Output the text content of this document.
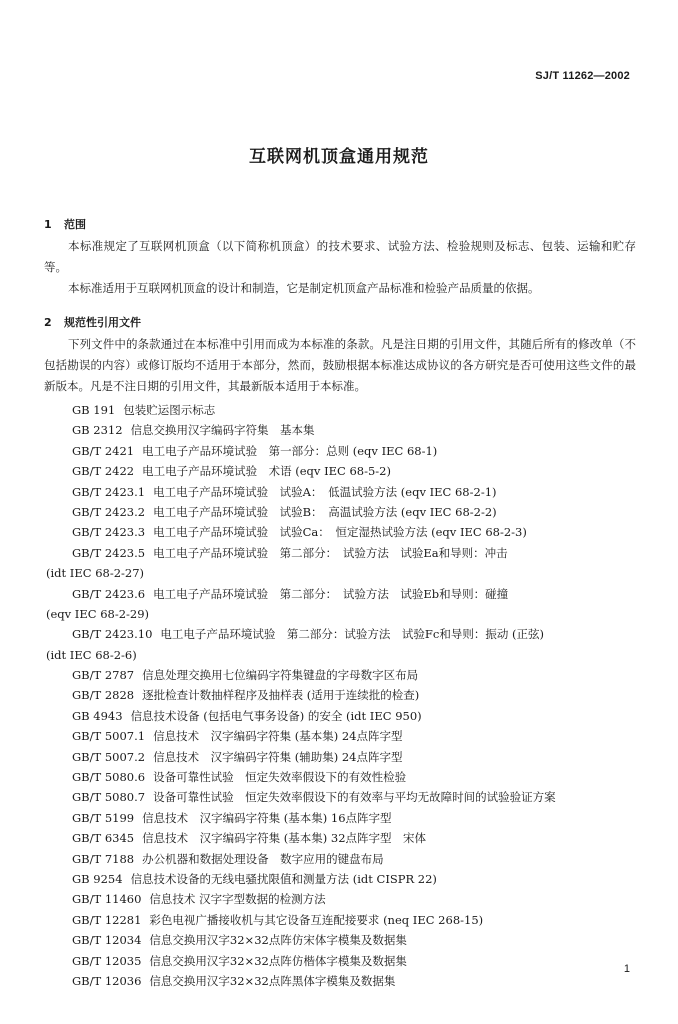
SJ/T 11262—2002
互联网机顶盒通用规范
1 范围
本标准规定了互联网机顶盒（以下简称机顶盒）的技术要求、试验方法、检验规则及标志、包装、运输和贮存等。
本标准适用于互联网机顶盒的设计和制造，它是制定机顶盒产品标准和检验产品质量的依据。
2 规范性引用文件
下列文件中的条款通过在本标准中引用而成为本标准的条款。凡是注日期的引用文件，其随后所有的修改单（不包括勘误的内容）或修订版均不适用于本部分，然而，鼓励根据本标准达成协议的各方研究是否可使用这些文件的最新版本。凡是不注日期的引用文件，其最新版本适用于本标准。
GB 191 包装贮运图示标志
GB 2312 信息交换用汉字编码字符集　基本集
GB/T 2421 电工电子产品环境试验　第一部分：总则 (eqv IEC 68-1)
GB/T 2422 电工电子产品环境试验　术语 (eqv IEC 68-5-2)
GB/T 2423.1 电工电子产品环境试验　试验A：　低温试验方法 (eqv IEC 68-2-1)
GB/T 2423.2 电工电子产品环境试验　试验B：　高温试验方法 (eqv IEC 68-2-2)
GB/T 2423.3 电工电子产品环境试验　试验Ca：　恒定湿热试验方法 (eqv IEC 68-2-3)
GB/T 2423.5 电工电子产品环境试验　第二部分：　试验方法　试验Ea和导则：冲击
(idt IEC 68-2-27)
GB/T 2423.6 电工电子产品环境试验　第二部分：　试验方法　试验Eb和导则：碰撞
(eqv IEC 68-2-29)
GB/T 2423.10 电工电子产品环境试验　第二部分：试验方法　试验Fc和导则：振动 (正弦)
(idt IEC 68-2-6)
GB/T 2787 信息处理交换用七位编码字符集键盘的字母数字区布局
GB/T 2828 逐批检查计数抽样程序及抽样表 (适用于连续批的检查)
GB 4943 信息技术设备 (包括电气事务设备) 的安全 (idt IEC 950)
GB/T 5007.1 信息技术　汉字编码字符集 (基本集) 24点阵字型
GB/T 5007.2 信息技术　汉字编码字符集 (辅助集) 24点阵字型
GB/T 5080.6 设备可靠性试验　恒定失效率假设下的有效性检验
GB/T 5080.7 设备可靠性试验　恒定失效率假设下的有效率与平均无故障时间的试验验证方案
GB/T 5199 信息技术　汉字编码字符集 (基本集) 16点阵字型
GB/T 6345 信息技术　汉字编码字符集 (基本集) 32点阵字型　宋体
GB/T 7188 办公机器和数据处理设备　数字应用的键盘布局
GB 9254 信息技术设备的无线电骚扰限值和测量方法 (idt CISPR 22)
GB/T 11460 信息技术 汉字字型数据的检测方法
GB/T 12281 彩色电视广播接收机与其它设备互连配接要求 (neq IEC 268-15)
GB/T 12034 信息交换用汉字32×32点阵仿宋体字模集及数据集
GB/T 12035 信息交换用汉字32×32点阵仿楷体字模集及数据集
GB/T 12036 信息交换用汉字32×32点阵黑体字模集及数据集
1
